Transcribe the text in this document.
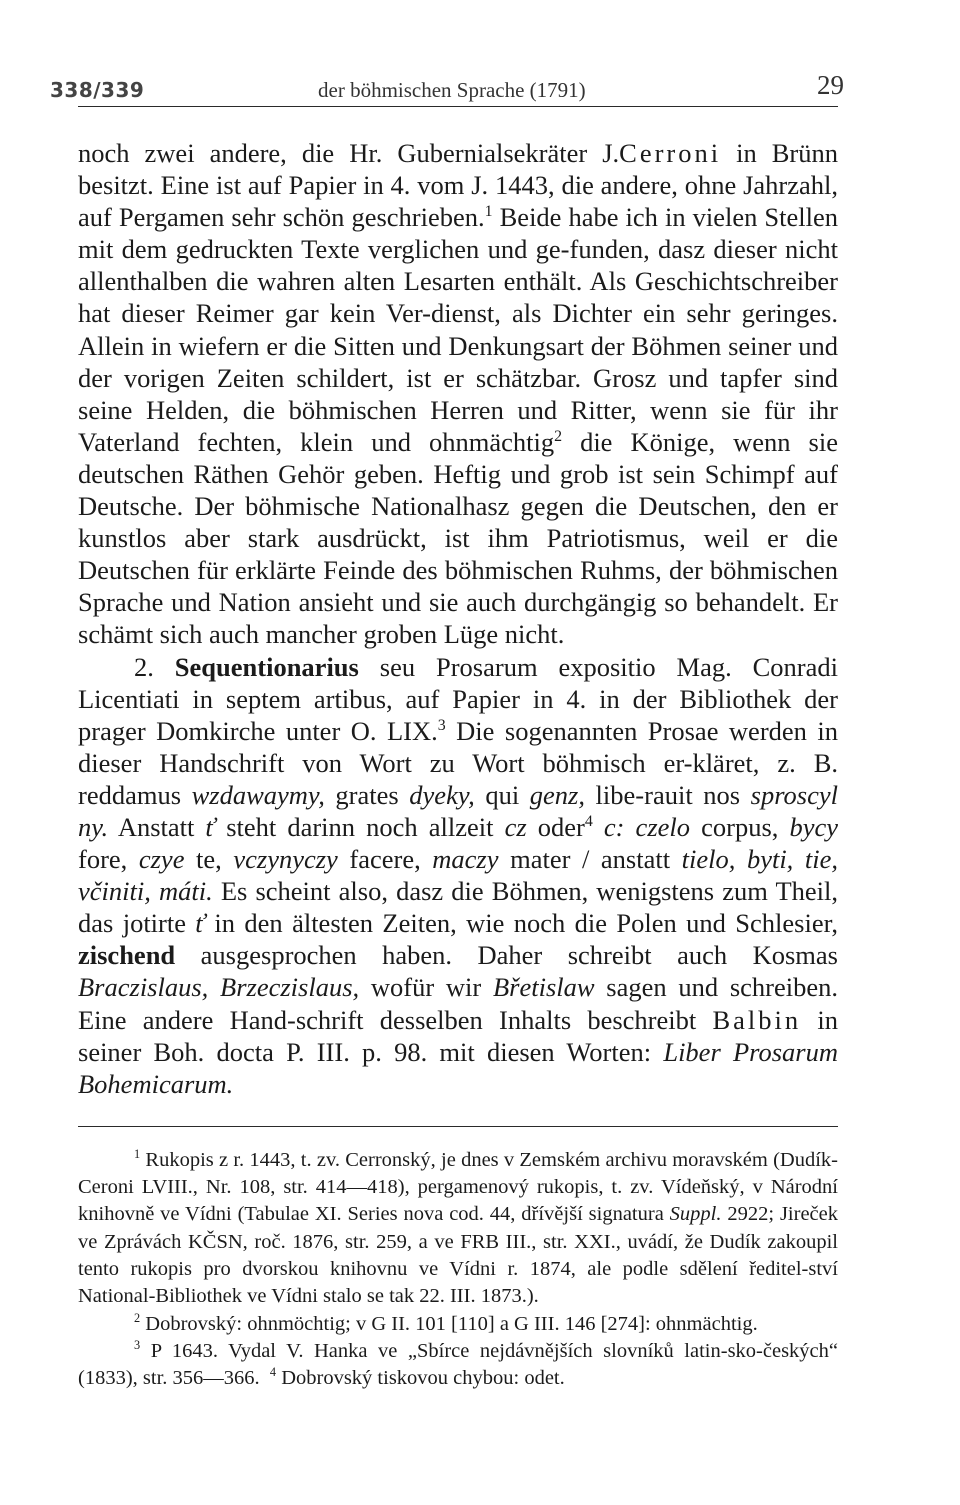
338/339	der böhmischen Sprache (1791)	29

noch zwei andere, die Hr. Gubernialsekräter J.Cerroni in Brünn besitzt. Eine ist auf Papier in 4. vom J. 1443, die andere, ohne Jahrzahl, auf Pergamen sehr schön geschrieben.$^1$ Beide habe ich in vielen Stellen mit dem gedruckten Texte verglichen und ge-funden, dasz dieser nicht allenthalben die wahren alten Lesarten enthält. Als Geschichtschreiber hat dieser Reimer gar kein Ver-dienst, als Dichter ein sehr geringes. Allein in wiefern er die Sitten und Denkungsart der Böhmen seiner und der vorigen Zeiten schildert, ist er schätzbar. Grosz und tapfer sind seine Helden, die böhmischen Herren und Ritter, wenn sie für ihr Vaterland fechten, klein und ohnmächtig$^2$ die Könige, wenn sie deutschen Räthen Gehör geben. Heftig und grob ist sein Schimpf auf Deutsche. Der böhmische Nationalhasz gegen die Deutschen, den er kunstlos aber stark ausdrückt, ist ihm Patriotismus, weil er die Deutschen für erklärte Feinde des böhmischen Ruhms, der böhmischen Sprache und Nation ansieht und sie auch durchgängig so behandelt. Er schämt sich auch mancher groben Lüge nicht.

2. Sequentionarius seu Prosarum expositio Mag. Conradi Licentiati in septem artibus, auf Papier in 4. in der Bibliothek der prager Domkirche unter O. LIX.$^3$ Die sogenannten Prosae werden in dieser Handschrift von Wort zu Wort böhmisch er-kläret, z. B. reddamus wzdawaymy, grates dyeky, qui genz, libe-rauit nos sproscyl ny. Anstatt ť steht darinn noch allzeit cz oder$^4$ c: czelo corpus, bycy fore, czye te, vczynyczy facere, maczy mater / anstatt tielo, byti, tie, včiniti, máti. Es scheint also, dasz die Böhmen, wenigstens zum Theil, das jotirte ť in den ältesten Zeiten, wie noch die Polen und Schlesier, zischend ausgesprochen haben. Daher schreibt auch Kosmas Braczislaus, Brzeczislaus, wofür wir Břetislaw sagen und schreiben. Eine andere Hand-schrift desselben Inhalts beschreibt Balbin in seiner Boh. docta P. III. p. 98. mit diesen Worten: Liber Prosarum Bohemicarum.

$^1$ Rukopis z r. 1443, t. zv. Cerronský, je dnes v Zemském archivu moravském (Dudík-Ceroni LVIII., Nr. 108, str. 414—418), pergamenový rukopis, t. zv. Vídeňský, v Národní knihovně ve Vídni (Tabulae XI. Series nova cod. 44, dřívější signatura Suppl. 2922; Jireček ve Zprávách KČSN, roč. 1876, str. 259, a ve FRB III., str. XXI., uvádí, že Dudík zakoupil tento rukopis pro dvorskou knihovnu ve Vídni r. 1874, ale podle sdělení ředitel-ství National-Bibliothek ve Vídni stalo se tak 22. III. 1873.).

$^2$ Dobrovský: ohnmöchtig; v G II. 101 [110] a G III. 146 [274]: ohnmächtig.

$^3$ P 1643. Vydal V. Hanka ve „Sbírce nejdávnějších slovníků latin-sko-českých“ (1833), str. 356—366. $^4$ Dobrovský tiskovou chybou: odet.
